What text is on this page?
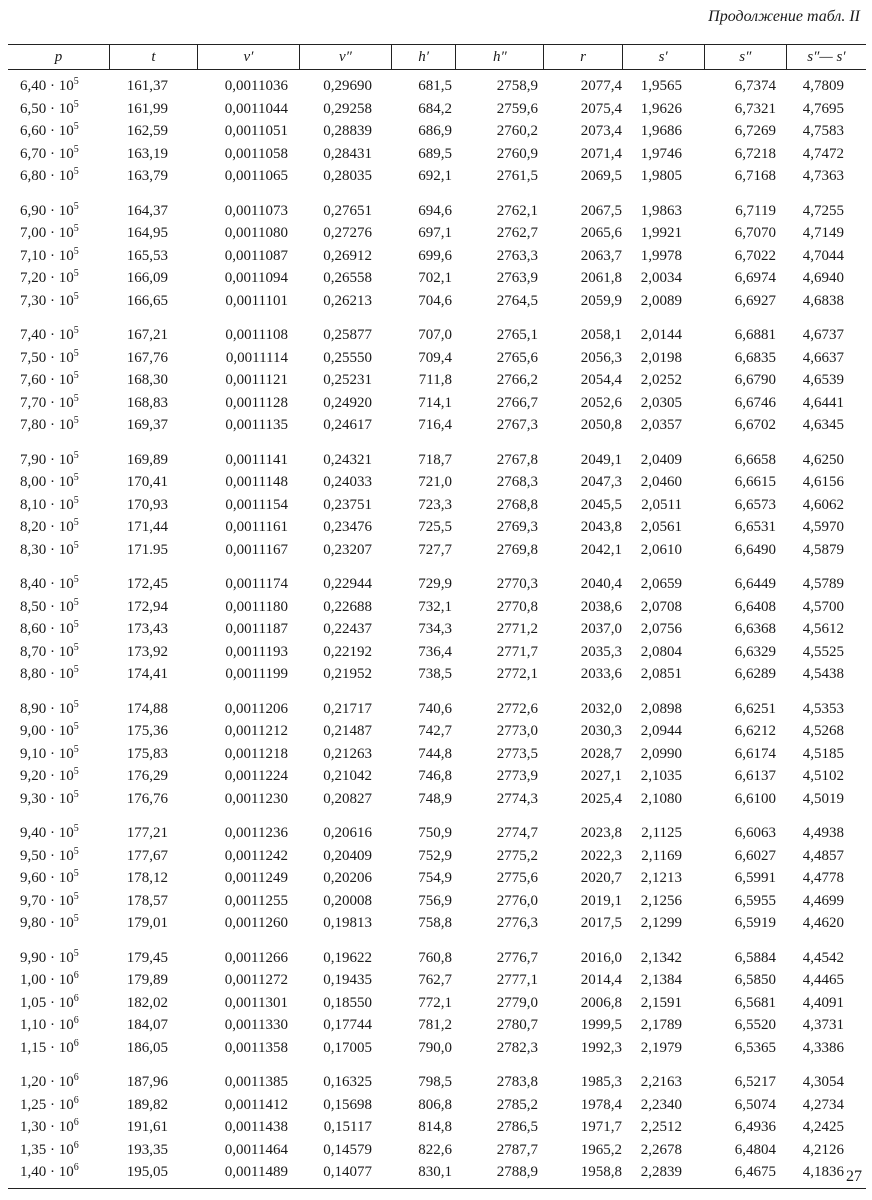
Продолжение табл. II
p	t	v′	v″	h′	h″	r	s′	s″	s″— s′
$6,40 \cdot 10^5$	161,37	0,0011036	0,29690	681,5	2758,9	2077,4	1,9565	6,7374	4,7809
$6,50 \cdot 10^5$	161,99	0,0011044	0,29258	684,2	2759,6	2075,4	1,9626	6,7321	4,7695
$6,60 \cdot 10^5$	162,59	0,0011051	0,28839	686,9	2760,2	2073,4	1,9686	6,7269	4,7583
$6,70 \cdot 10^5$	163,19	0,0011058	0,28431	689,5	2760,9	2071,4	1,9746	6,7218	4,7472
$6,80 \cdot 10^5$	163,79	0,0011065	0,28035	692,1	2761,5	2069,5	1,9805	6,7168	4,7363
$6,90 \cdot 10^5$	164,37	0,0011073	0,27651	694,6	2762,1	2067,5	1,9863	6,7119	4,7255
$7,00 \cdot 10^5$	164,95	0,0011080	0,27276	697,1	2762,7	2065,6	1,9921	6,7070	4,7149
$7,10 \cdot 10^5$	165,53	0,0011087	0,26912	699,6	2763,3	2063,7	1,9978	6,7022	4,7044
$7,20 \cdot 10^5$	166,09	0,0011094	0,26558	702,1	2763,9	2061,8	2,0034	6,6974	4,6940
$7,30 \cdot 10^5$	166,65	0,0011101	0,26213	704,6	2764,5	2059,9	2,0089	6,6927	4,6838
$7,40 \cdot 10^5$	167,21	0,0011108	0,25877	707,0	2765,1	2058,1	2,0144	6,6881	4,6737
$7,50 \cdot 10^5$	167,76	0,0011114	0,25550	709,4	2765,6	2056,3	2,0198	6,6835	4,6637
$7,60 \cdot 10^5$	168,30	0,0011121	0,25231	711,8	2766,2	2054,4	2,0252	6,6790	4,6539
$7,70 \cdot 10^5$	168,83	0,0011128	0,24920	714,1	2766,7	2052,6	2,0305	6,6746	4,6441
$7,80 \cdot 10^5$	169,37	0,0011135	0,24617	716,4	2767,3	2050,8	2,0357	6,6702	4,6345
$7,90 \cdot 10^5$	169,89	0,0011141	0,24321	718,7	2767,8	2049,1	2,0409	6,6658	4,6250
$8,00 \cdot 10^5$	170,41	0,0011148	0,24033	721,0	2768,3	2047,3	2,0460	6,6615	4,6156
$8,10 \cdot 10^5$	170,93	0,0011154	0,23751	723,3	2768,8	2045,5	2,0511	6,6573	4,6062
$8,20 \cdot 10^5$	171,44	0,0011161	0,23476	725,5	2769,3	2043,8	2,0561	6,6531	4,5970
$8,30 \cdot 10^5$	171.95	0,0011167	0,23207	727,7	2769,8	2042,1	2,0610	6,6490	4,5879
$8,40 \cdot 10^5$	172,45	0,0011174	0,22944	729,9	2770,3	2040,4	2,0659	6,6449	4,5789
$8,50 \cdot 10^5$	172,94	0,0011180	0,22688	732,1	2770,8	2038,6	2,0708	6,6408	4,5700
$8,60 \cdot 10^5$	173,43	0,0011187	0,22437	734,3	2771,2	2037,0	2,0756	6,6368	4,5612
$8,70 \cdot 10^5$	173,92	0,0011193	0,22192	736,4	2771,7	2035,3	2,0804	6,6329	4,5525
$8,80 \cdot 10^5$	174,41	0,0011199	0,21952	738,5	2772,1	2033,6	2,0851	6,6289	4,5438
$8,90 \cdot 10^5$	174,88	0,0011206	0,21717	740,6	2772,6	2032,0	2,0898	6,6251	4,5353
$9,00 \cdot 10^5$	175,36	0,0011212	0,21487	742,7	2773,0	2030,3	2,0944	6,6212	4,5268
$9,10 \cdot 10^5$	175,83	0,0011218	0,21263	744,8	2773,5	2028,7	2,0990	6,6174	4,5185
$9,20 \cdot 10^5$	176,29	0,0011224	0,21042	746,8	2773,9	2027,1	2,1035	6,6137	4,5102
$9,30 \cdot 10^5$	176,76	0,0011230	0,20827	748,9	2774,3	2025,4	2,1080	6,6100	4,5019
$9,40 \cdot 10^5$	177,21	0,0011236	0,20616	750,9	2774,7	2023,8	2,1125	6,6063	4,4938
$9,50 \cdot 10^5$	177,67	0,0011242	0,20409	752,9	2775,2	2022,3	2,1169	6,6027	4,4857
$9,60 \cdot 10^5$	178,12	0,0011249	0,20206	754,9	2775,6	2020,7	2,1213	6,5991	4,4778
$9,70 \cdot 10^5$	178,57	0,0011255	0,20008	756,9	2776,0	2019,1	2,1256	6,5955	4,4699
$9,80 \cdot 10^5$	179,01	0,0011260	0,19813	758,8	2776,3	2017,5	2,1299	6,5919	4,4620
$9,90 \cdot 10^5$	179,45	0,0011266	0,19622	760,8	2776,7	2016,0	2,1342	6,5884	4,4542
$1,00 \cdot 10^6$	179,89	0,0011272	0,19435	762,7	2777,1	2014,4	2,1384	6,5850	4,4465
$1,05 \cdot 10^6$	182,02	0,0011301	0,18550	772,1	2779,0	2006,8	2,1591	6,5681	4,4091
$1,10 \cdot 10^6$	184,07	0,0011330	0,17744	781,2	2780,7	1999,5	2,1789	6,5520	4,3731
$1,15 \cdot 10^6$	186,05	0,0011358	0,17005	790,0	2782,3	1992,3	2,1979	6,5365	4,3386
$1,20 \cdot 10^6$	187,96	0,0011385	0,16325	798,5	2783,8	1985,3	2,2163	6,5217	4,3054
$1,25 \cdot 10^6$	189,82	0,0011412	0,15698	806,8	2785,2	1978,4	2,2340	6,5074	4,2734
$1,30 \cdot 10^6$	191,61	0,0011438	0,15117	814,8	2786,5	1971,7	2,2512	6,4936	4,2425
$1,35 \cdot 10^6$	193,35	0,0011464	0,14579	822,6	2787,7	1965,2	2,2678	6,4804	4,2126
$1,40 \cdot 10^6$	195,05	0,0011489	0,14077	830,1	2788,9	1958,8	2,2839	6,4675	4,1836 27
